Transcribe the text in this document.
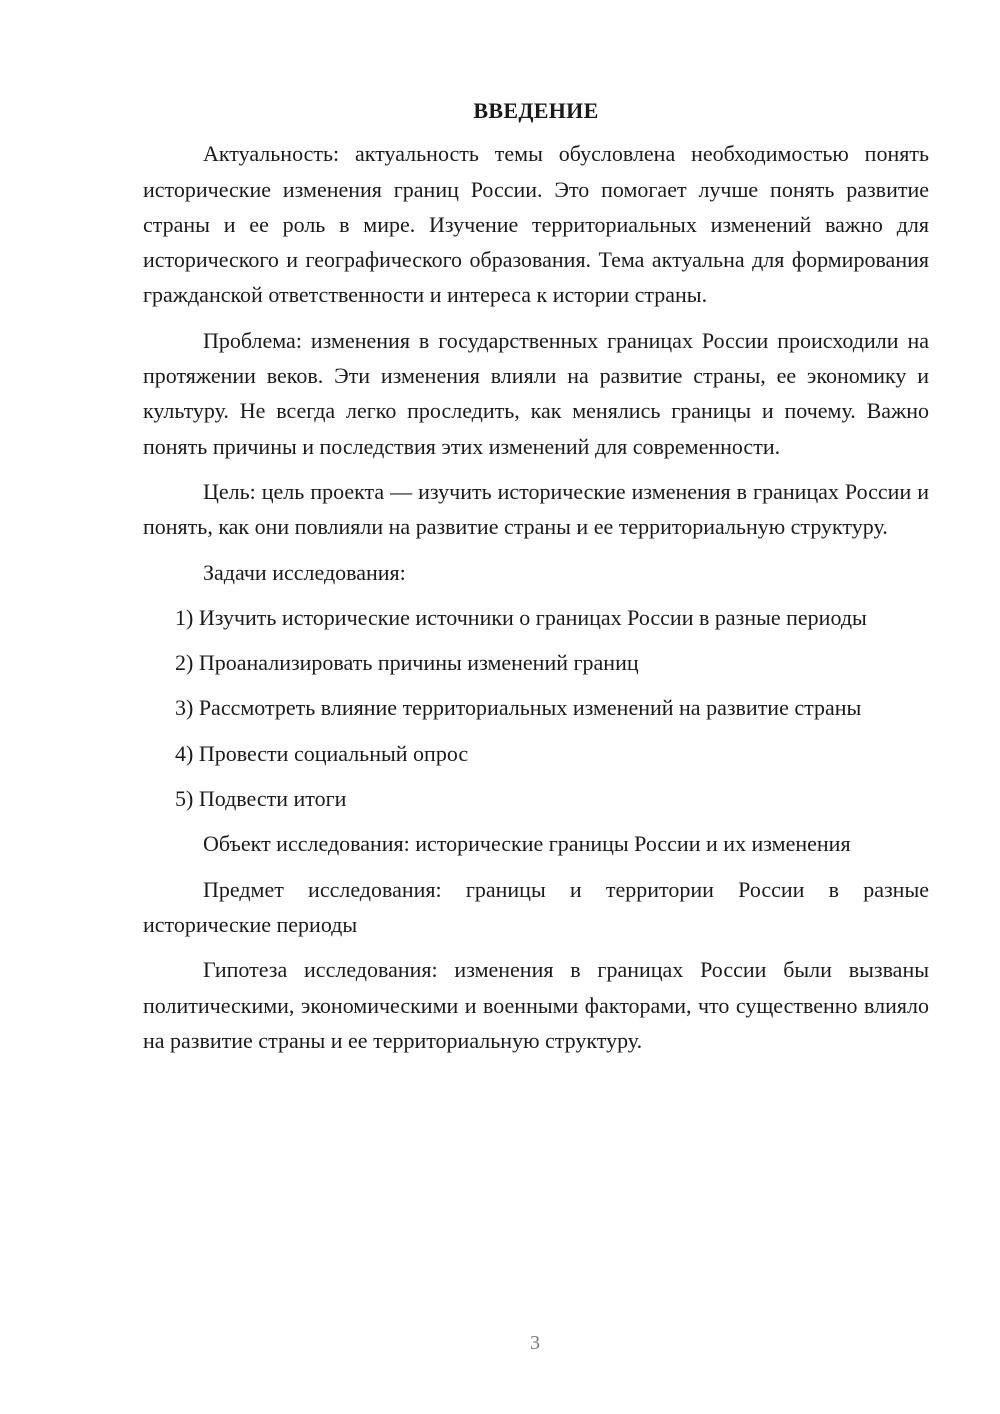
ВВЕДЕНИЕ

Актуальность: актуальность темы обусловлена необходимостью понять исторические изменения границ России. Это помогает лучше понять развитие страны и ее роль в мире. Изучение территориальных изменений важно для исторического и географического образования. Тема актуальна для формирования гражданской ответственности и интереса к истории страны.

Проблема: изменения в государственных границах России происходили на протяжении веков. Эти изменения влияли на развитие страны, ее экономику и культуру. Не всегда легко проследить, как менялись границы и почему. Важно понять причины и последствия этих изменений для современности.

Цель: цель проекта — изучить исторические изменения в границах России и понять, как они повлияли на развитие страны и ее территориальную структуру.

Задачи исследования:

1) Изучить исторические источники о границах России в разные периоды

2) Проанализировать причины изменений границ

3) Рассмотреть влияние территориальных изменений на развитие страны

4) Провести социальный опрос

5) Подвести итоги

Объект исследования: исторические границы России и их изменения

Предмет исследования: границы и территории России в разные исторические периоды

Гипотеза исследования: изменения в границах России были вызваны политическими, экономическими и военными факторами, что существенно влияло на развитие страны и ее территориальную структуру.

3
